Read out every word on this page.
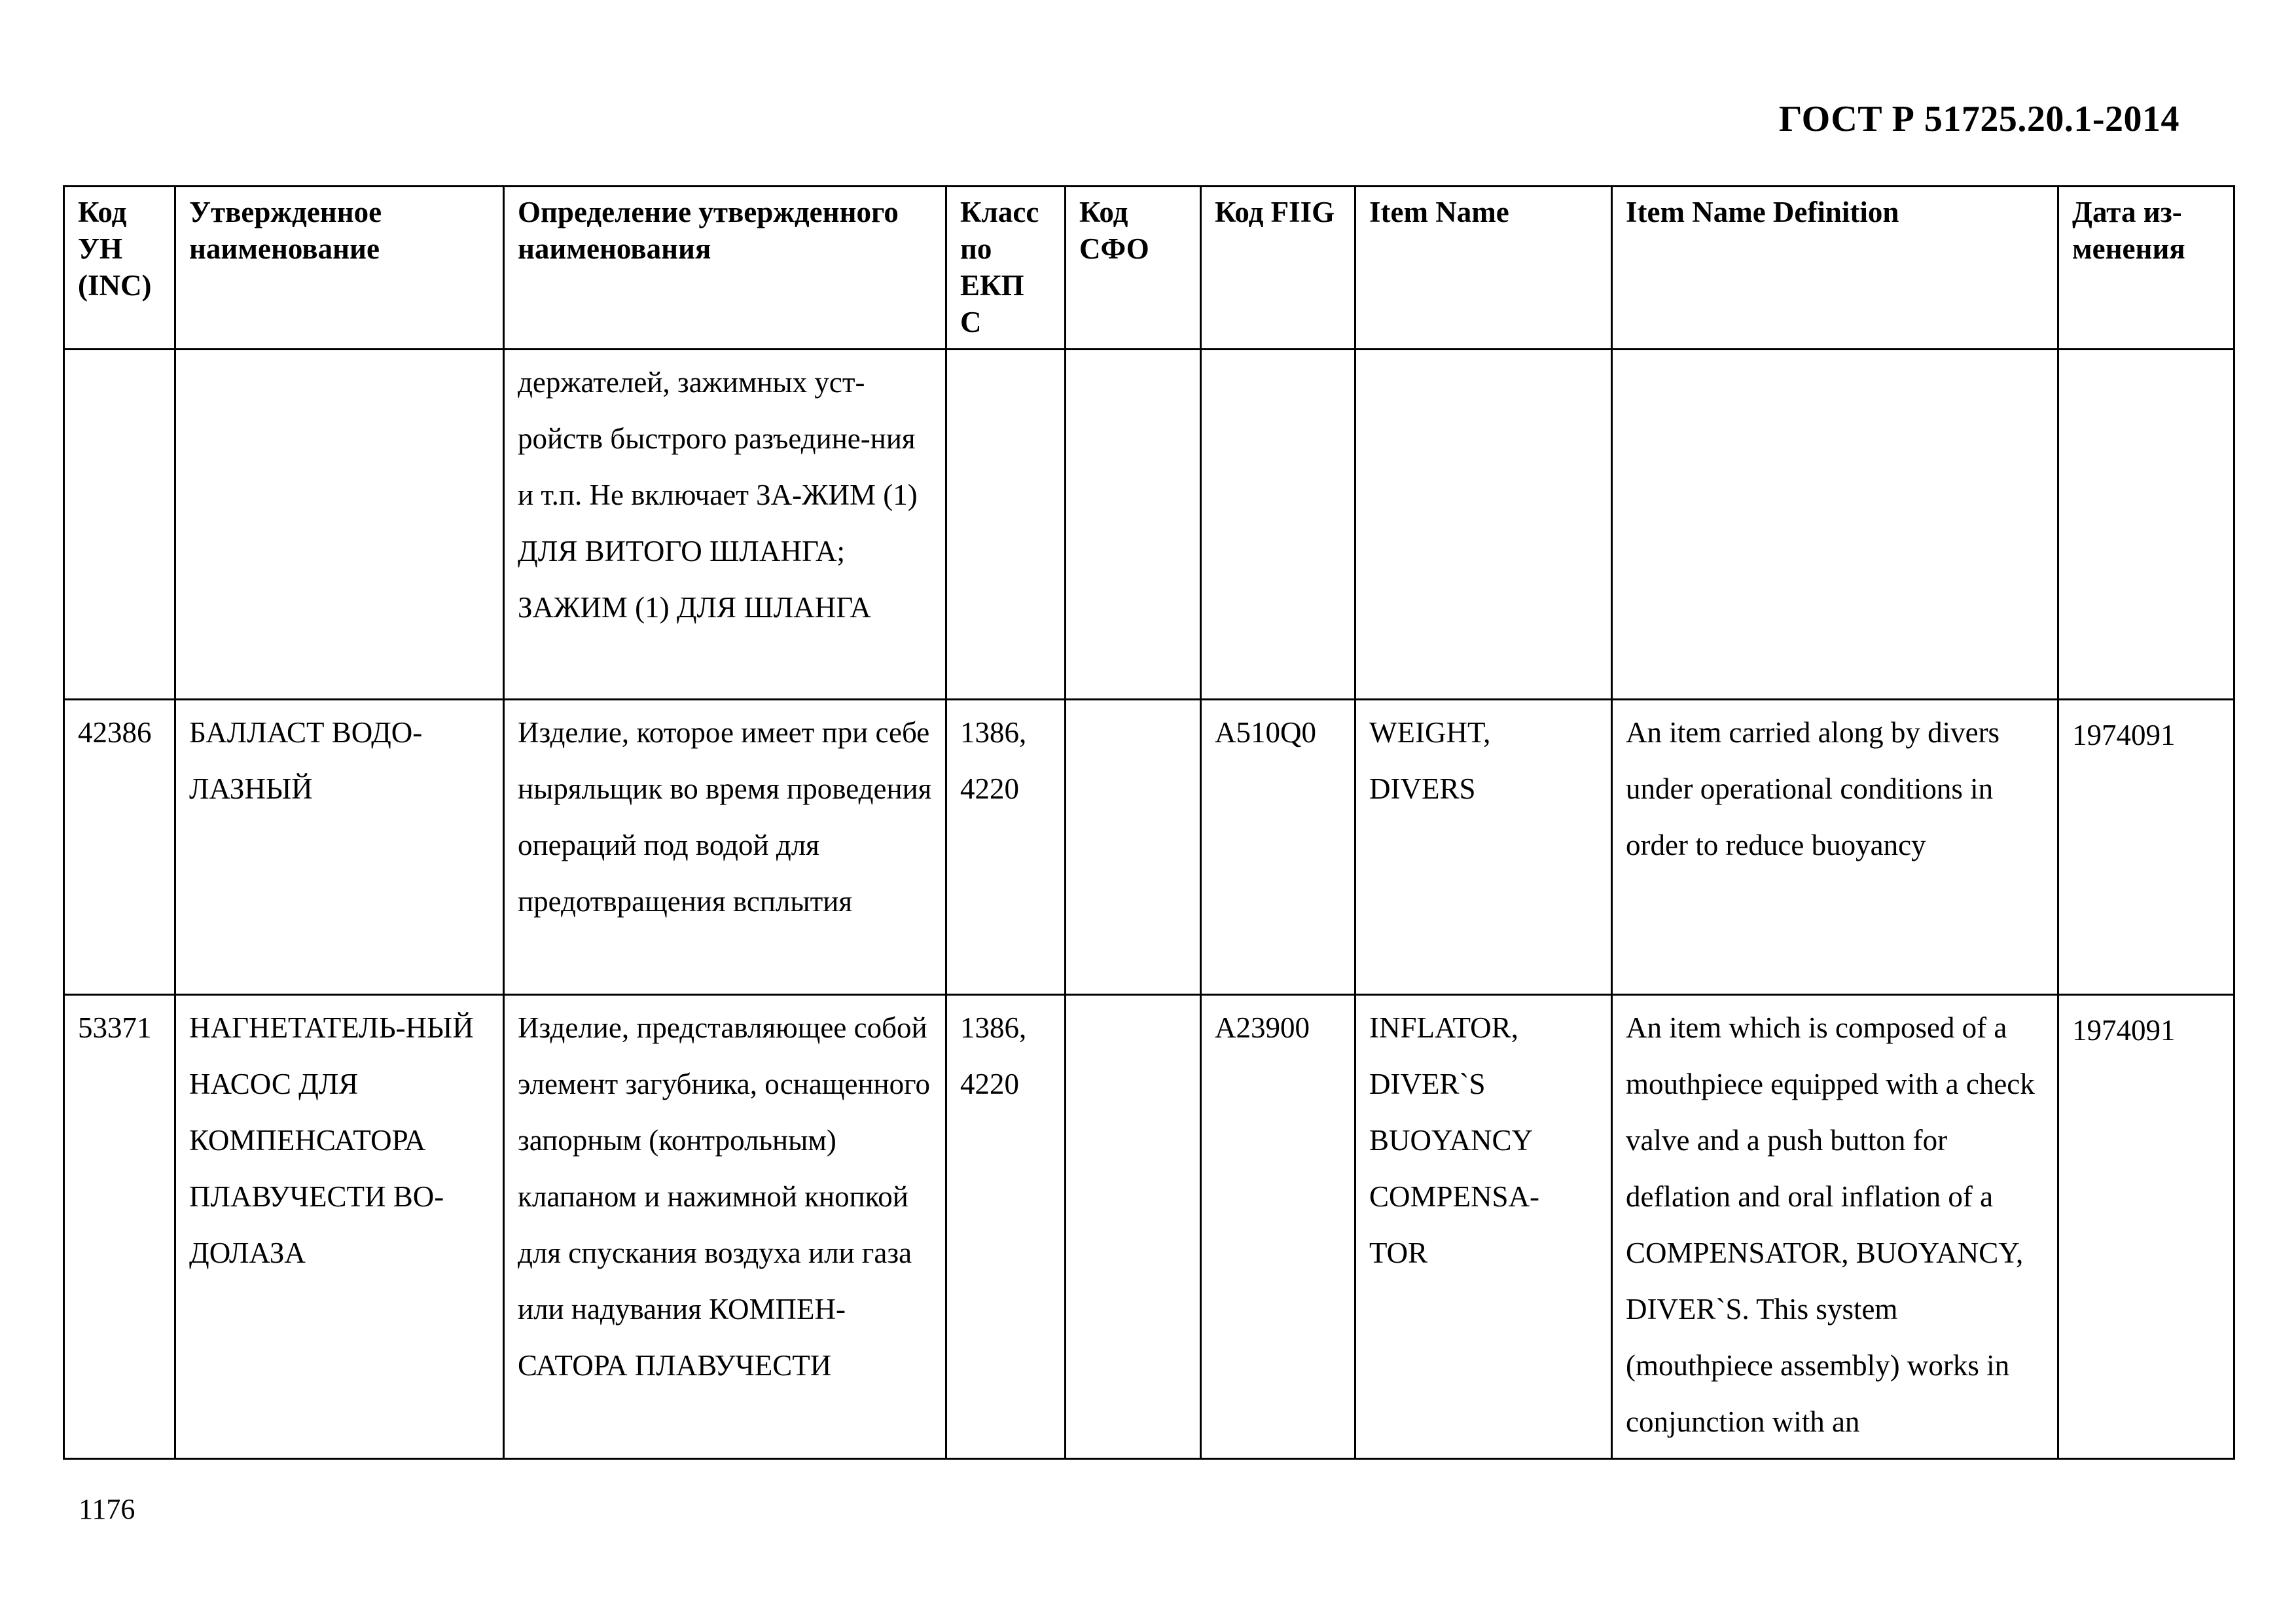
ГОСТ Р 51725.20.1-2014
Код УН (INC)	Утвержденное наименование	Определение утвержденного наименования	Класс по ЕКП С	Код СФО	Код FIIG	Item Name	Item Name Definition	Дата из-менения
		держателей, зажимных уст-ройств быстрого разъедине-ния и т.п. Не включает ЗА-ЖИМ (1) ДЛЯ ВИТОГО ШЛАНГА; ЗАЖИМ (1) ДЛЯ ШЛАНГА						
42386	БАЛЛАСТ ВОДО-ЛАЗНЫЙ	Изделие, которое имеет при себе ныряльщик во время проведения операций под водой для предотвращения всплытия	1386, 4220		A510Q0	WEIGHT, DIVERS	An item carried along by divers under operational conditions in order to reduce buoyancy	1974091
53371	НАГНЕТАТЕЛЬ-НЫЙ НАСОС ДЛЯ КОМПЕНСАТОРА ПЛАВУЧЕСТИ ВО-ДОЛАЗА	Изделие, представляющее собой элемент загубника, оснащенного запорным (контрольным) клапаном и нажимной кнопкой для спускания воздуха или газа или надувания КОМПЕН-САТОРА ПЛАВУЧЕСТИ	1386, 4220		A23900	INFLATOR, DIVER`S BUOYANCY COMPENSA-TOR	An item which is composed of a mouthpiece equipped with a check valve and a push button for deflation and oral inflation of a COMPENSATOR, BUOYANCY, DIVER`S. This system (mouthpiece assembly) works in conjunction with an	1974091
1176
